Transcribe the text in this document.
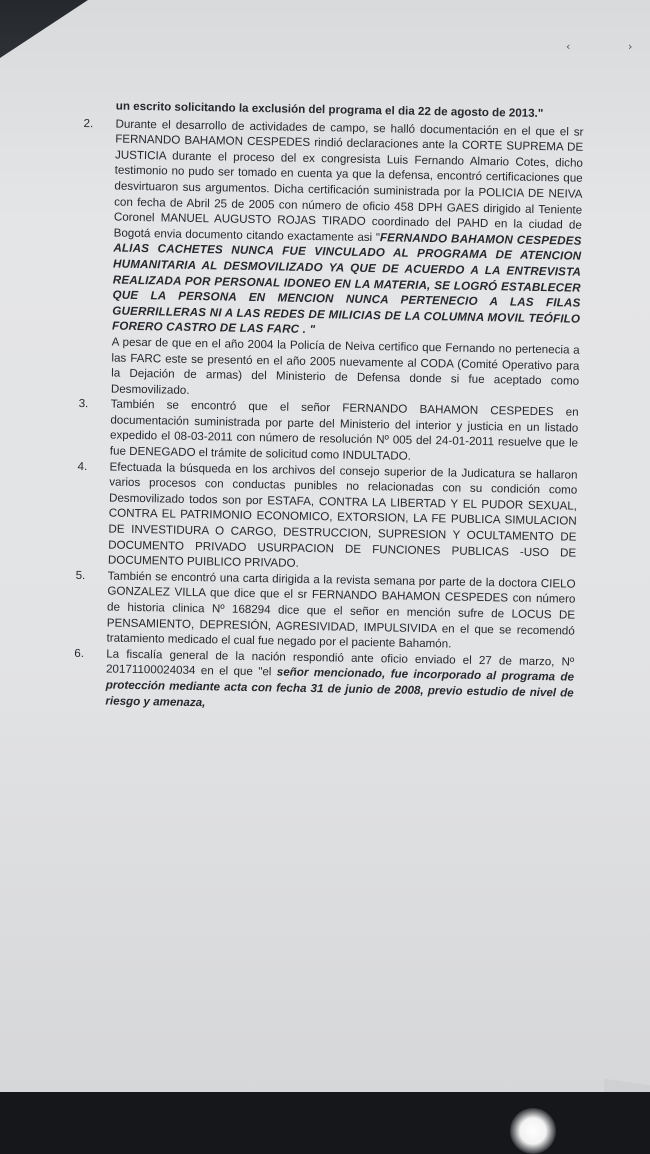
‹	›

un escrito solicitando la exclusión del programa el dia 22 de agosto de 2013."

2. Durante el desarrollo de actividades de campo, se halló documentación en el que el sr FERNANDO BAHAMON CESPEDES rindió declaraciones ante la CORTE SUPREMA DE JUSTICIA durante el proceso del ex congresista Luis Fernando Almario Cotes, dicho testimonio no pudo ser tomado en cuenta ya que la defensa, encontró certificaciones que desvirtuaron sus argumentos. Dicha certificación suministrada por la POLICIA DE NEIVA con fecha de Abril 25 de 2005 con número de oficio 458 DPH GAES dirigido al Teniente Coronel MANUEL AUGUSTO ROJAS TIRADO coordinado del PAHD en la ciudad de Bogotá envia documento citando exactamente asi "FERNANDO BAHAMON CESPEDES ALIAS CACHETES NUNCA FUE VINCULADO AL PROGRAMA DE ATENCION HUMANITARIA AL DESMOVILIZADO YA QUE DE ACUERDO A LA ENTREVISTA REALIZADA POR PERSONAL IDONEO EN LA MATERIA, SE LOGRÓ ESTABLECER QUE LA PERSONA EN MENCION NUNCA PERTENECIO A LAS FILAS GUERRILLERAS NI A LAS REDES DE MILICIAS DE LA COLUMNA MOVIL TEÓFILO FORERO CASTRO DE LAS FARC . "
A pesar de que en el año 2004 la Policía de Neiva certifico que Fernando no pertenecia a las FARC este se presentó en el año 2005 nuevamente al CODA (Comité Operativo para la Dejación de armas) del Ministerio de Defensa donde si fue aceptado como Desmovilizado.
3. También se encontró que el señor FERNANDO BAHAMON CESPEDES en documentación suministrada por parte del Ministerio del interior y justicia en un listado expedido el 08-03-2011 con número de resolución Nº 005 del 24-01-2011 resuelve que le fue DENEGADO el trámite de solicitud como INDULTADO.
4. Efectuada la búsqueda en los archivos del consejo superior de la Judicatura se hallaron varios procesos con conductas punibles no relacionadas con su condición como Desmovilizado todos son por ESTAFA, CONTRA LA LIBERTAD Y EL PUDOR SEXUAL, CONTRA EL PATRIMONIO ECONOMICO, EXTORSION, LA FE PUBLICA SIMULACION DE INVESTIDURA O CARGO, DESTRUCCION, SUPRESION Y OCULTAMENTO DE DOCUMENTO PRIVADO USURPACION DE FUNCIONES PUBLICAS -USO DE DOCUMENTO PUIBLICO PRIVADO.
5. También se encontró una carta dirigida a la revista semana por parte de la doctora CIELO GONZALEZ VILLA que dice que el sr FERNANDO BAHAMON CESPEDES con número de historia clinica Nº 168294 dice que el señor en mención sufre de LOCUS DE PENSAMIENTO, DEPRESIÓN, AGRESIVIDAD, IMPULSIVIDA en el que se recomendó tratamiento medicado el cual fue negado por el paciente Bahamón.
6. La fiscalía general de la nación respondió ante oficio enviado el 27 de marzo, Nº 20171100024034 en el que "el señor mencionado, fue incorporado al programa de protección mediante acta con fecha 31 de junio de 2008, previo estudio de nivel de riesgo y amenaza,
